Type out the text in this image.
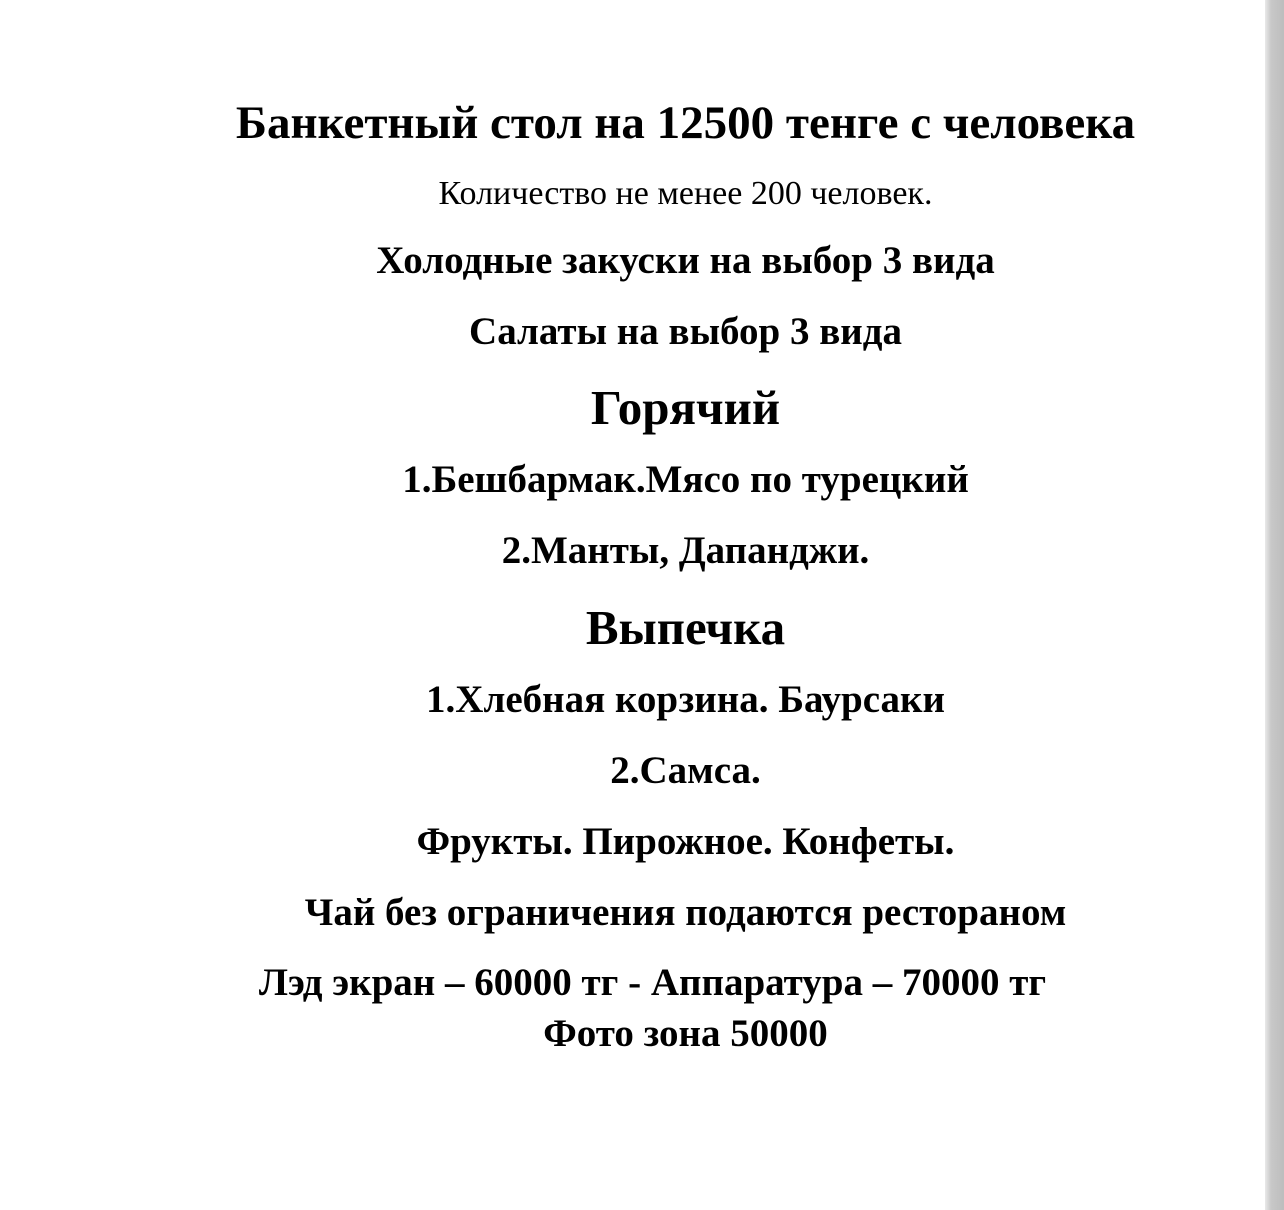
Банкетный стол на 12500 тенге с человека
Количество не менее 200 человек.
Холодные закуски на выбор 3 вида
Салаты на выбор 3 вида
Горячий
1.Бешбармак.Мясо по турецкий
2.Манты, Дапанджи.
Выпечка
1.Хлебная корзина. Баурсаки
2.Самса.
Фрукты. Пирожное. Конфеты.
Чай без ограничения подаются рестораном
Лэд экран – 60000 тг - Аппаратура – 70000 тг
Фото зона 50000
